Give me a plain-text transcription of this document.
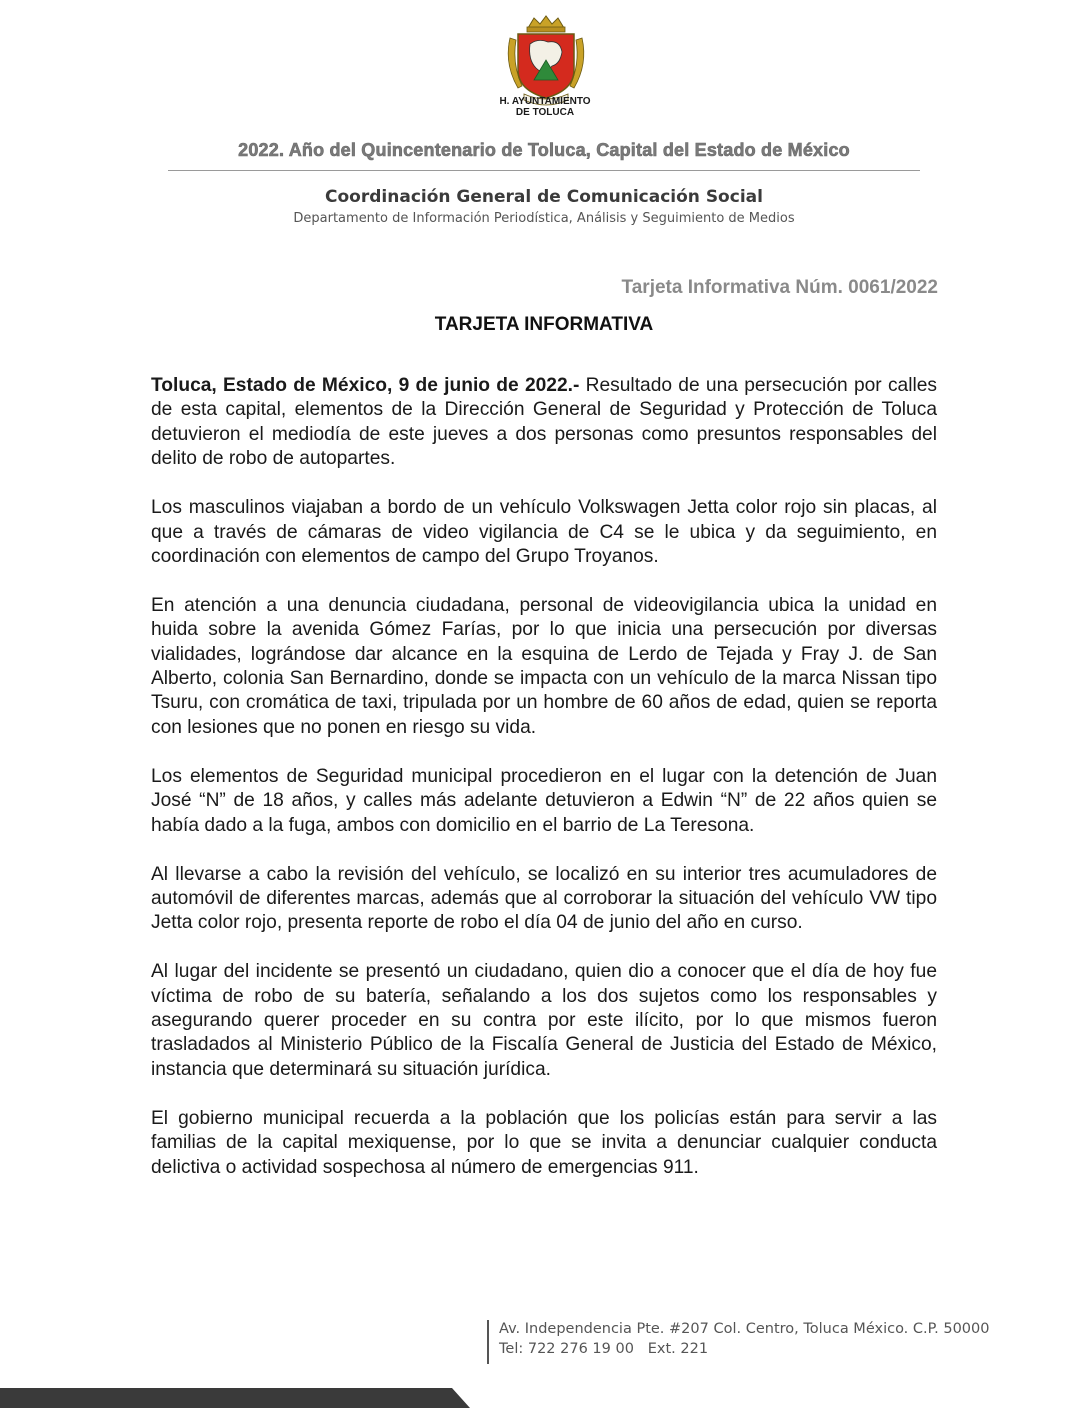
H. AYUNTAMIENTO
DE TOLUCA
2022. Año del Quincentenario de Toluca, Capital del Estado de México
Coordinación General de Comunicación Social
Departamento de Información Periodística, Análisis y Seguimiento de Medios
Tarjeta Informativa Núm. 0061/2022
TARJETA INFORMATIVA

Toluca, Estado de México, 9 de junio de 2022.- Resultado de una persecución por calles de esta capital, elementos de la Dirección General de Seguridad y Protección de Toluca detuvieron el mediodía de este jueves a dos personas como presuntos responsables del delito de robo de autopartes.

Los masculinos viajaban a bordo de un vehículo Volkswagen Jetta color rojo sin placas, al que a través de cámaras de video vigilancia de C4 se le ubica y da seguimiento, en coordinación con elementos de campo del Grupo Troyanos.

En atención a una denuncia ciudadana, personal de videovigilancia ubica la unidad en huida sobre la avenida Gómez Farías, por lo que inicia una persecución por diversas vialidades, lográndose dar alcance en la esquina de Lerdo de Tejada y Fray J. de San Alberto, colonia San Bernardino, donde se impacta con un vehículo de la marca Nissan tipo Tsuru, con cromática de taxi, tripulada por un hombre de 60 años de edad, quien se reporta con lesiones que no ponen en riesgo su vida.

Los elementos de Seguridad municipal procedieron en el lugar con la detención de Juan José “N” de 18 años, y calles más adelante detuvieron a Edwin “N” de 22 años quien se había dado a la fuga, ambos con domicilio en el barrio de La Teresona.

Al llevarse a cabo la revisión del vehículo, se localizó en su interior tres acumuladores de automóvil de diferentes marcas, además que al corroborar la situación del vehículo VW tipo Jetta color rojo, presenta reporte de robo el día 04 de junio del año en curso.

Al lugar del incidente se presentó un ciudadano, quien dio a conocer que el día de hoy fue víctima de robo de su batería, señalando a los dos sujetos como los responsables y asegurando querer proceder en su contra por este ilícito, por lo que mismos fueron trasladados al Ministerio Público de la Fiscalía General de Justicia del Estado de México, instancia que determinará su situación jurídica.

El gobierno municipal recuerda a la población que los policías están para servir a las familias de la capital mexiquense, por lo que se invita a denunciar cualquier conducta delictiva o actividad sospechosa al número de emergencias 911.

Av. Independencia Pte. #207 Col. Centro, Toluca México. C.P. 50000
Tel: 722 276 19 00   Ext. 221
